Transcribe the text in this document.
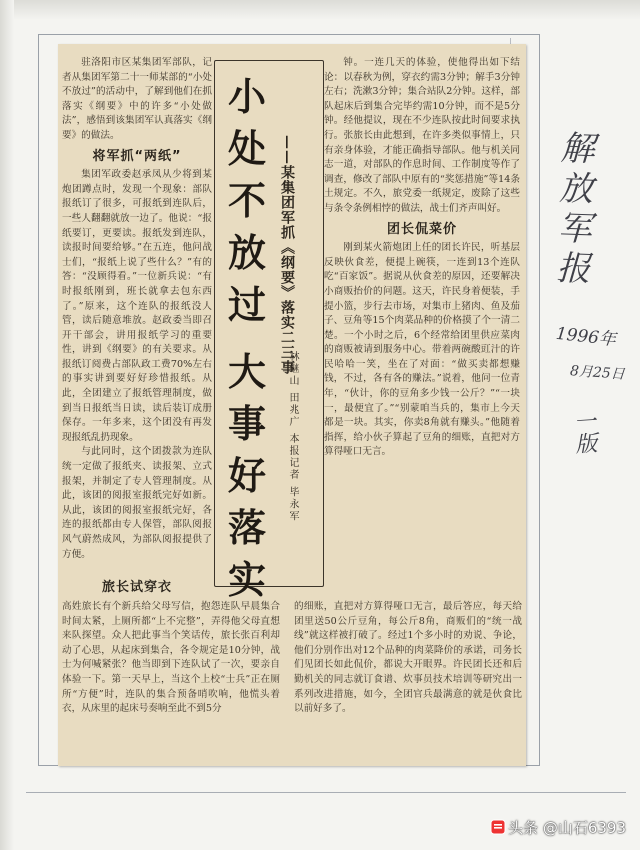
驻洛阳市区某集团军部队，记者从集团军第二十一师某部的“小处不放过”的活动中，了解到他们在抓落实《纲要》中的许多“小处做法”，感悟到该集团军认真落实《纲要》的做法。

将军抓“两纸”

集团军政委赵承凤从少将到某炮团蹲点时，发现一个现象：部队报纸订了很多，可报纸到连队后，一些人翻翻就放一边了。他说：“报纸要订，更要读。报纸发到连队，读报时间要给够。”在五连，他问战士们，“报纸上说了些什么？”有的答：“没顾得看。”一位新兵说：“有时报纸刚到，班长就拿去包东西了。”原来，这个连队的报纸没人管，读后随意堆放。赵政委当即召开干部会，讲用报纸学习的重要性，讲到《纲要》的有关要求。从报纸订阅费占部队政工费70%左右的事实讲到要好好珍惜报纸。从此，全团建立了报纸管理制度，做到当日报纸当日读，读后装订成册保存。一年多来，这个团没有再发现报纸乱扔现象。

与此同时，这个团拨款为连队统一定做了报纸夹、读报架、立式报架，并制定了专人管理制度。从此，该团的阅报室报纸完好如新。从此，该团的阅报室报纸完好，各连的报纸都由专人保管，部队阅报风气蔚然成风，为部队阅报提供了方便。

小处不放过
大事好落实
——某集团军抓《纲要》落实二三事
林继山 田兆广 本报记者 毕永军

钟。一连几天的体验，使他得出如下结论：以春秋为例，穿衣约需3分钟；解手3分钟左右；洗漱3分钟；集合站队2分钟。这样，部队起床后到集合完毕约需10分钟，而不是5分钟。经他提议，现在不少连队按此时间要求执行。张旅长由此想到，在许多类似事情上，只有亲身体验，才能正确指导部队。他与机关同志一道，对部队的作息时间、工作制度等作了调查，修改了部队中原有的“奖惩措施”等14条土规定。不久，旅党委一纸规定，废除了这些与条令条例相悖的做法，战士们齐声叫好。

团长侃菜价

刚到某火箭炮团上任的团长许民，听基层反映伙食差，便提上碗筷，一连到13个连队吃“百家饭”。据说从伙食差的原因，还要解决小商贩抬价的问题。这天，许民身着便装，手提小篮，步行去市场，对集市上猪肉、鱼及茄子、豆角等15个肉菜品种的价格摸了个一清二楚。一个小时之后，6个经常给团里供应菜肉的商贩被请到服务中心。带着两碗酸豇汁的许民哈哈一笑，坐在了对面：“做买卖都想赚钱，不过，各有各的赚法。”说着，他问一位青年，“伙计，你的豆角多少钱一公斤？”“一块一，最便宜了。”“别蒙咱当兵的，集市上今天都是一块。其实，你卖8角就有赚头。”他随着指挥，给小伙子算起了豆角的细账，直把对方算得哑口无言。

旅长试穿衣
高姓旅长有个新兵给父母写信，抱怨连队早晨集合时间太紧，上厕所都“上不完整”，弄得他父母直想来队探望。众人把此事当个笑话传，旅长张百利却动了心思，从起床到集合，各令规定是10分钟，战士为何喊紧张？他当即到下连队试了一次，要亲自体验一下。第一天早上，当这个上校“士兵”正在厕所“方便”时，连队的集合预备哨吹响，他慌头着衣，从床里的起床号奏响至此不到5分
的细账，直把对方算得哑口无言，最后答应，每天给团里送50公斤豆角，每公斤8角，商贩们的“统一战线”就这样被打破了。经过1个多小时的劝说、争论，他们分别作出对12个品种的肉菜降价的承诺，司务长们见团长如此侃价，都说大开眼界。许民团长还和后勤机关的同志就订食谱、炊事员技术培训等研究出一系列改进措施，如今，全团官兵最满意的就是伙食比以前好多了。
解放军报
1996年
8月25日
一版
头条 @山石6393
